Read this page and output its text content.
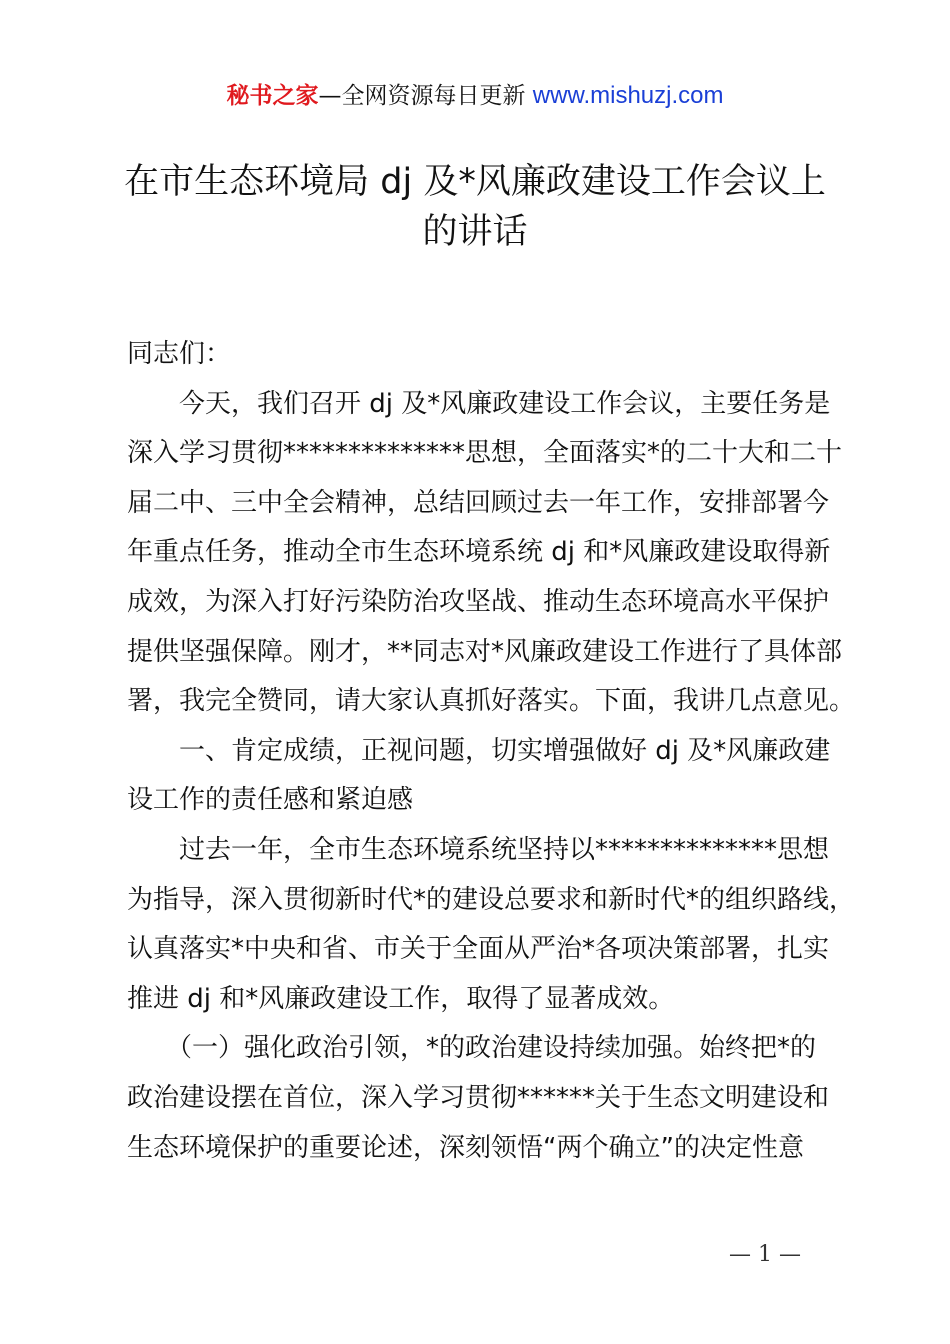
秘书之家—全网资源每日更新 www.mishuzj.com
在市生态环境局 dj 及*风廉政建设工作会议上
的讲话
同志们：
　　今天，我们召开 dj 及*风廉政建设工作会议，主要任务是
深入学习贯彻**************思想，全面落实*的二十大和二十
届二中、三中全会精神，总结回顾过去一年工作，安排部署今
年重点任务，推动全市生态环境系统 dj 和*风廉政建设取得新
成效，为深入打好污染防治攻坚战、推动生态环境高水平保护
提供坚强保障。刚才，**同志对*风廉政建设工作进行了具体部
署，我完全赞同，请大家认真抓好落实。下面，我讲几点意见。
　　一、肯定成绩，正视问题，切实增强做好 dj 及*风廉政建
设工作的责任感和紧迫感
　　过去一年，全市生态环境系统坚持以**************思想
为指导，深入贯彻新时代*的建设总要求和新时代*的组织路线，
认真落实*中央和省、市关于全面从严治*各项决策部署，扎实
推进 dj 和*风廉政建设工作，取得了显著成效。
　　（一）强化政治引领，*的政治建设持续加强。始终把*的
政治建设摆在首位，深入学习贯彻******关于生态文明建设和
生态环境保护的重要论述，深刻领悟“两个确立”的决定性意
— 1 —
